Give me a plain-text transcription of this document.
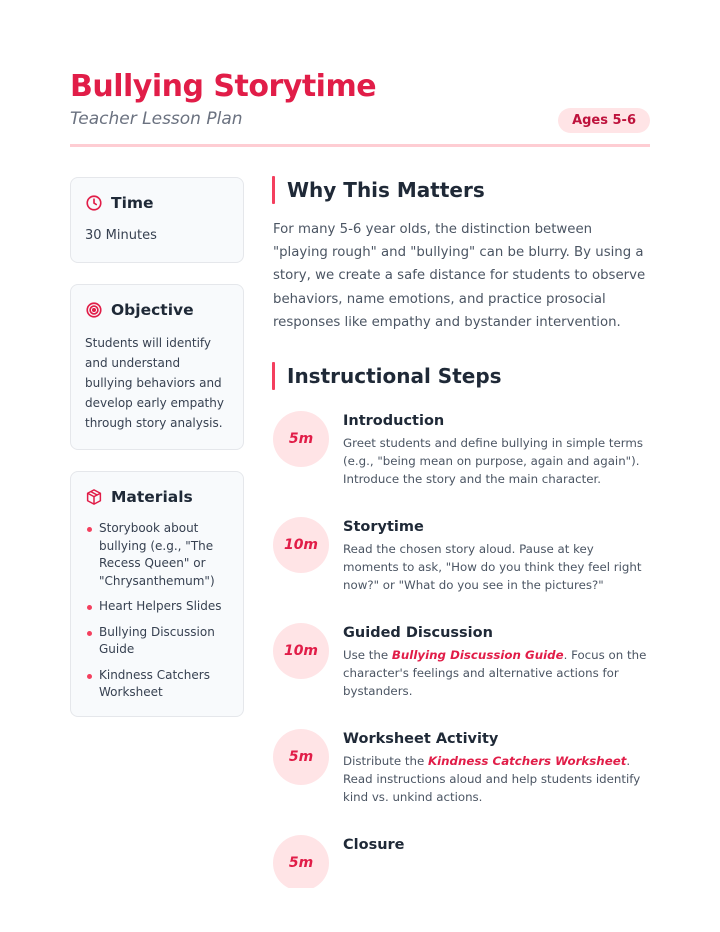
Bullying Storytime
Teacher Lesson Plan	Ages 5-6
Time
30 Minutes
Objective
Students will identify and understand bullying behaviors and develop early empathy through story analysis.
Materials
Storybook about bullying (e.g., "The Recess Queen" or "Chrysanthemum")
Heart Helpers Slides
Bullying Discussion Guide
Kindness Catchers Worksheet
Why This Matters

For many 5-6 year olds, the distinction between "playing rough" and "bullying" can be blurry. By using a story, we create a safe distance for students to observe behaviors, name emotions, and practice prosocial responses like empathy and bystander intervention.

Instructional Steps
5m
Introduction
Greet students and define bullying in simple terms (e.g., "being mean on purpose, again and again"). Introduce the story and the main character.
10m
Storytime
Read the chosen story aloud. Pause at key moments to ask, "How do you think they feel right now?" or "What do you see in the pictures?"
10m
Guided Discussion
Use the Bullying Discussion Guide. Focus on the character's feelings and alternative actions for bystanders.
5m
Worksheet Activity
Distribute the Kindness Catchers Worksheet. Read instructions aloud and help students identify kind vs. unkind actions.
5m
Closure
